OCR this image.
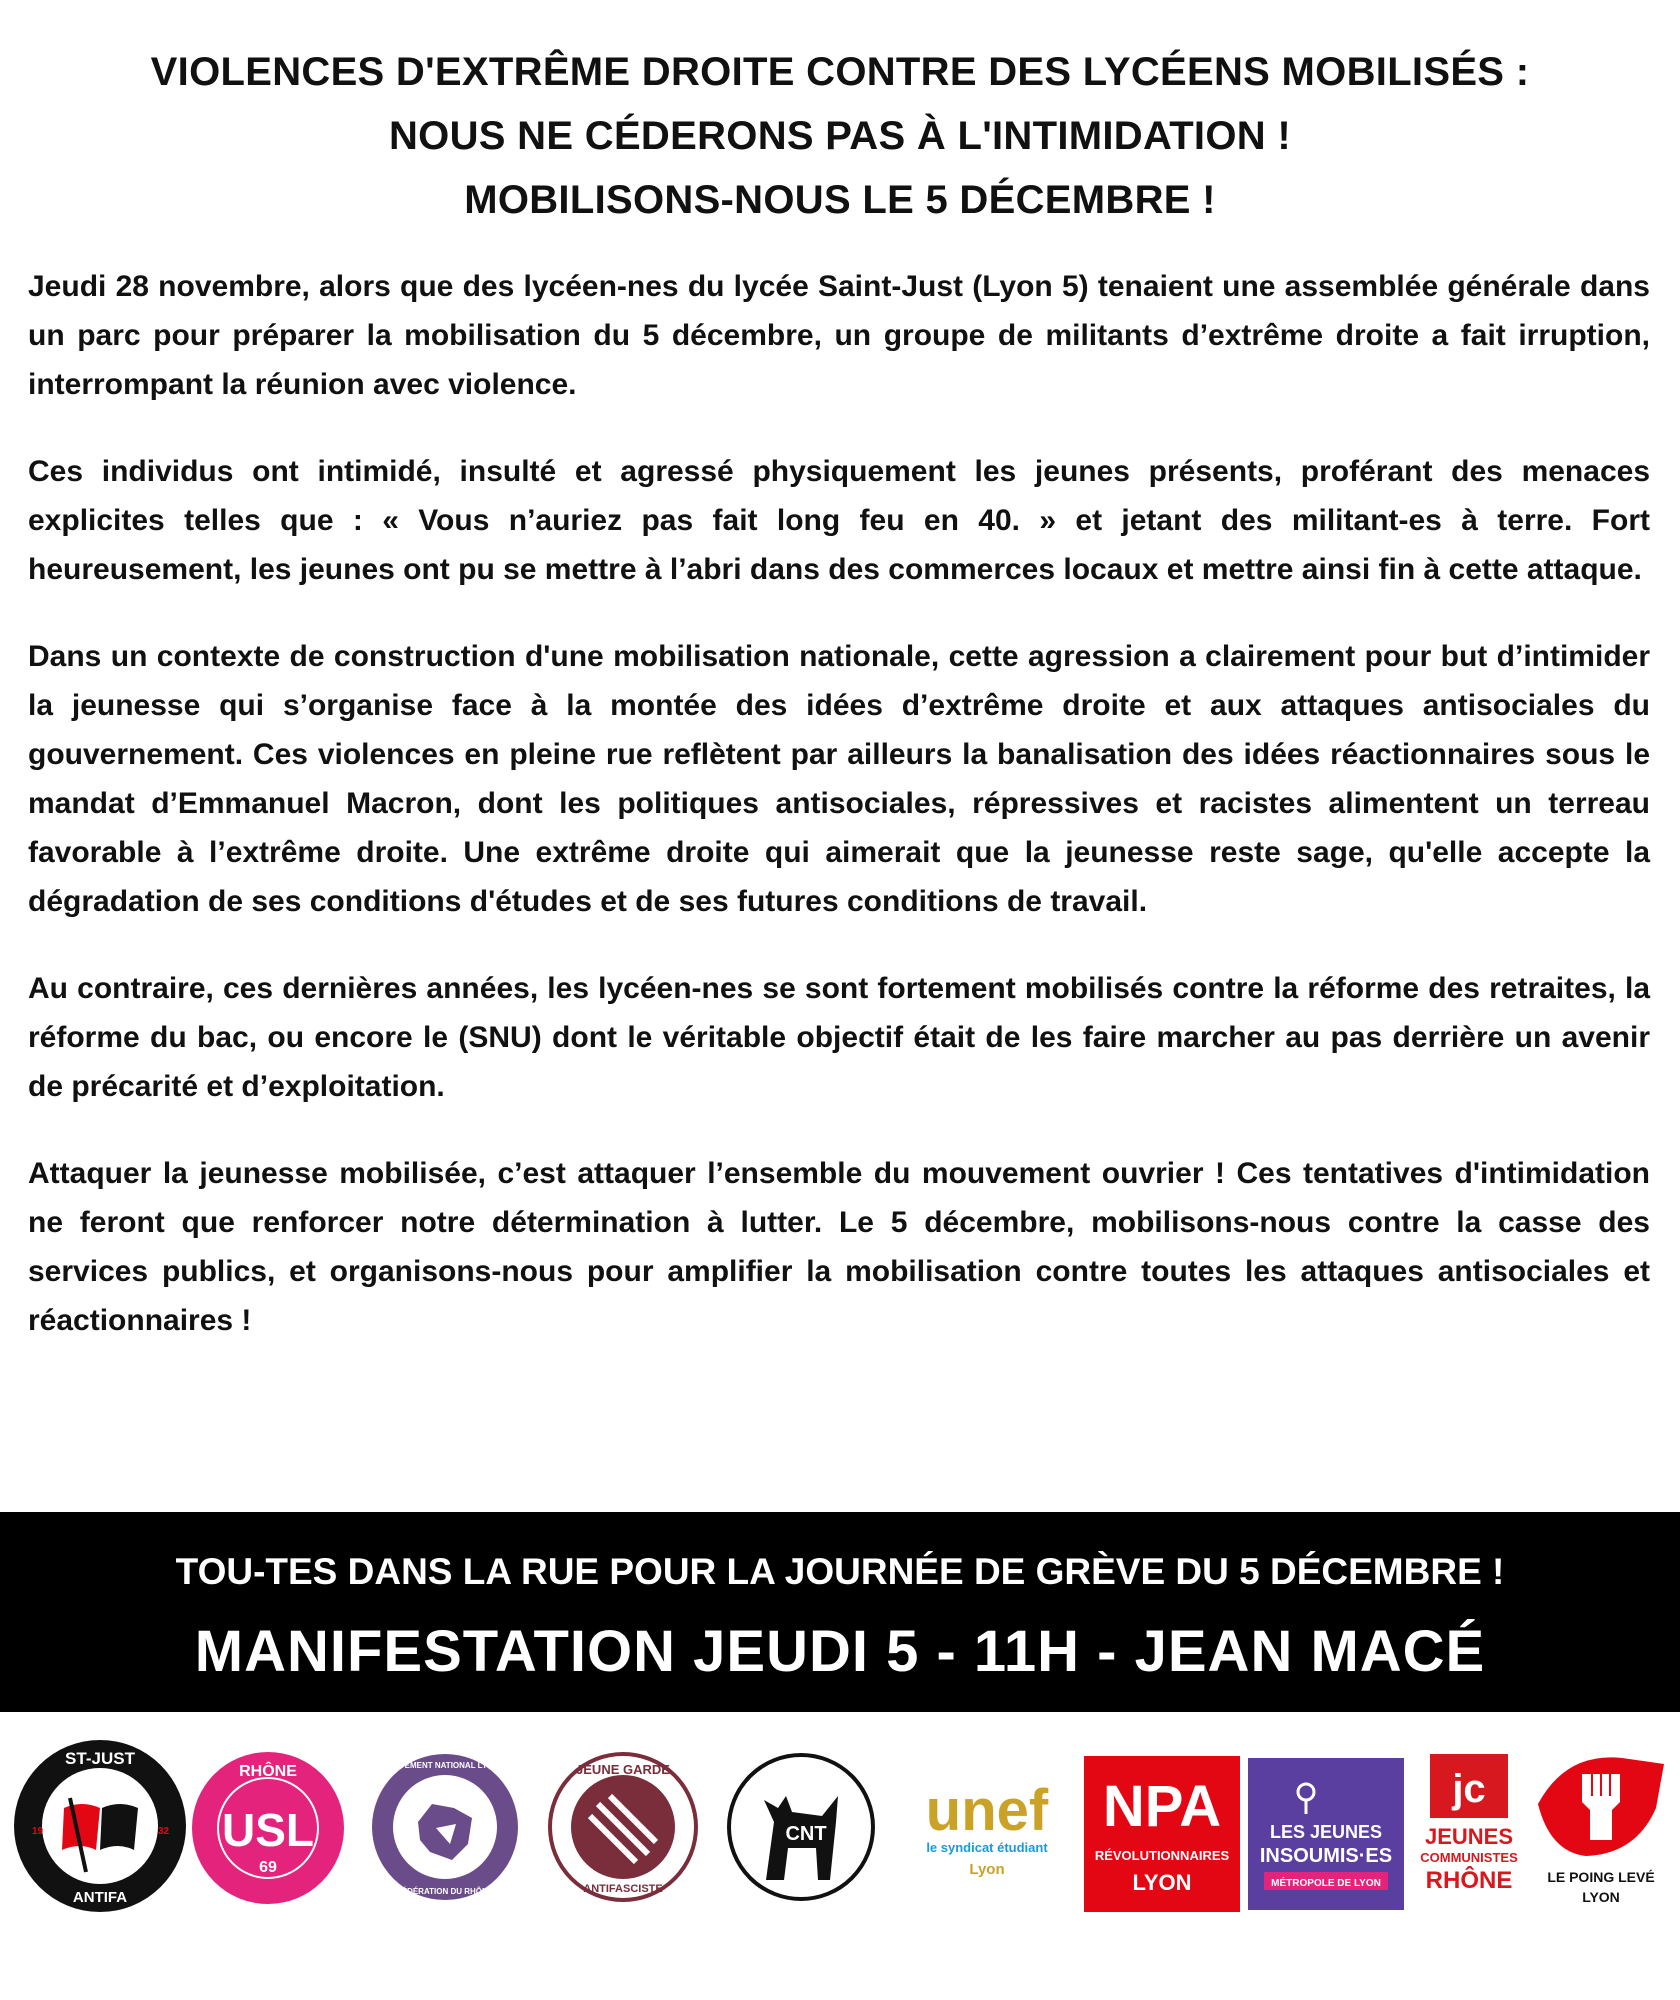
VIOLENCES D'EXTRÊME DROITE CONTRE DES LYCÉENS MOBILISÉS :
NOUS NE CÉDERONS PAS À L'INTIMIDATION !
MOBILISONS-NOUS LE 5 DÉCEMBRE !

Jeudi 28 novembre, alors que des lycéen-nes du lycée Saint-Just (Lyon 5) tenaient une assemblée générale dans un parc pour préparer la mobilisation du 5 décembre, un groupe de militants d’extrême droite a fait irruption, interrompant la réunion avec violence.

Ces individus ont intimidé, insulté et agressé physiquement les jeunes présents, proférant des menaces explicites telles que : « Vous n’auriez pas fait long feu en 40. » et jetant des militant-es à terre. Fort heureusement, les jeunes ont pu se mettre à l’abri dans des commerces locaux et mettre ainsi fin à cette attaque.

Dans un contexte de construction d'une mobilisation nationale, cette agression a clairement pour but d’intimider la jeunesse qui s’organise face à la montée des idées d’extrême droite et aux attaques antisociales du gouvernement. Ces violences en pleine rue reflètent par ailleurs la banalisation des idées réactionnaires sous le mandat d’Emmanuel Macron, dont les politiques antisociales, répressives et racistes alimentent un terreau favorable à l’extrême droite. Une extrême droite qui aimerait que la jeunesse reste sage, qu'elle accepte la dégradation de ses conditions d'études et de ses futures conditions de travail.

Au contraire, ces dernières années, les lycéen-nes se sont fortement mobilisés contre la réforme des retraites, la réforme du bac, ou encore le (SNU) dont le véritable objectif était de les faire marcher au pas derrière un avenir de précarité et d’exploitation.

Attaquer la jeunesse mobilisée, c’est attaquer l’ensemble du mouvement ouvrier ! Ces tentatives d'intimidation ne feront que renforcer notre détermination à lutter. Le 5 décembre, mobilisons-nous contre la casse des services publics, et organisons-nous pour amplifier la mobilisation contre toutes les attaques antisociales et réactionnaires !

TOU-TES DANS LA RUE POUR LA JOURNÉE DE GRÈVE DU 5 DÉCEMBRE !
MANIFESTATION JEUDI 5 - 11H - JEAN MACÉ
ST-JUST
ANTIFA
19	32
RHÔNE
USL
69
MOUVEMENT NATIONAL LYCÉEN
FÉDÉRATION DU RHÔNE
JEUNE GARDE
ANTIFASCISTE
CNT unef
le syndicat étudiant
Lyon
NPA
RÉVOLUTIONNAIRES
LYON
LES JEUNES
INSOUMIS·ES
MÉTROPOLE DE LYON
jc
JEUNES
COMMUNISTES
RHÔNE LE POING LEVÉ
LYON
